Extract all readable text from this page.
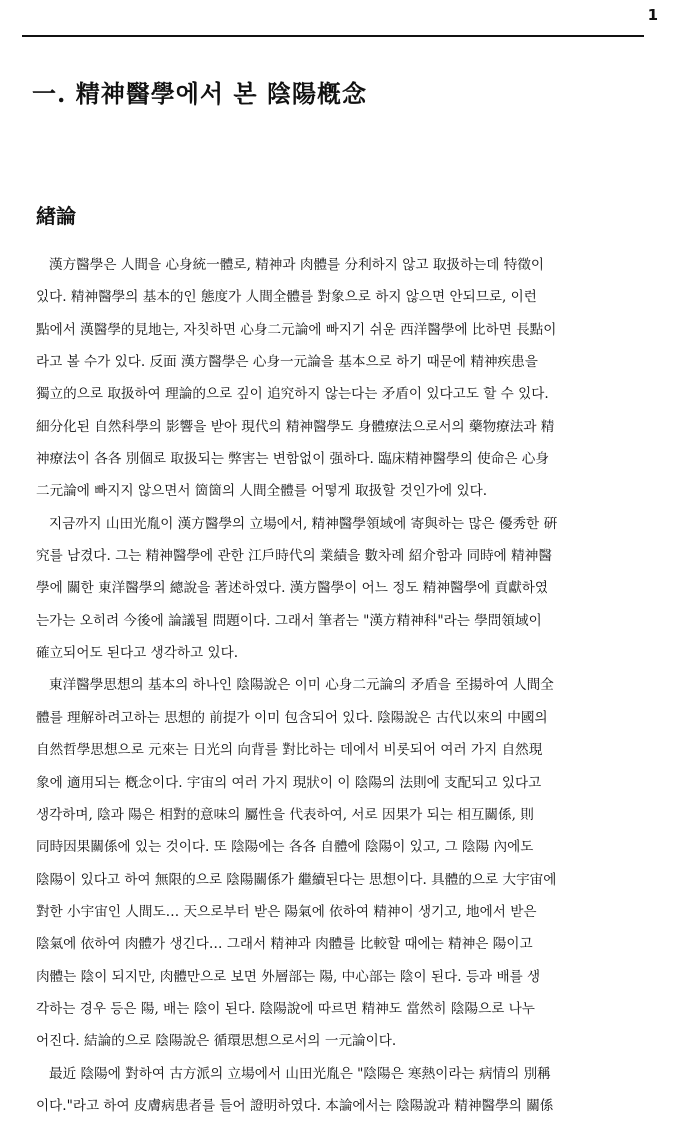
1
一. 精神醫學에서 본 陰陽槪念
緖論
漢方醫學은 人間을 心身統一體로, 精神과 肉體를 分利하지 않고 取扱하는데 特徵이
있다. 精神醫學의 基本的인 態度가 人間全體를 對象으로 하지 않으면 안되므로, 이런
點에서 漢醫學的見地는, 자칫하면 心身二元論에 빠지기 쉬운 西洋醫學에 比하면 長點이
라고 볼 수가 있다. 反面 漢方醫學은 心身一元論을 基本으로 하기 때문에 精神疾患을
獨立的으로 取扱하여 理論的으로 깊이 追究하지 않는다는 矛盾이 있다고도 할 수 있다.
細分化된 自然科學의 影響을 받아 現代의 精神醫學도 身體療法으로서의 藥物療法과 精
神療法이 各各 別個로 取扱되는 弊害는 변함없이 强하다. 臨床精神醫學의 使命은 心身
二元論에 빠지지 않으면서 箇箇의 人間全體를 어떻게 取扱할 것인가에 있다.
지금까지 山田光胤이 漢方醫學의 立場에서, 精神醫學領域에 寄與하는 많은 優秀한 硏
究를 남겼다. 그는 精神醫學에 관한 江戶時代의 業績을 數차례 紹介함과 同時에 精神醫
學에 關한 東洋醫學의 總說을 著述하였다. 漢方醫學이 어느 정도 精神醫學에 貢獻하였
는가는 오히려 今後에 論議될 問題이다. 그래서 筆者는 "漢方精神科"라는 學問領域이
確立되어도 된다고 생각하고 있다.
東洋醫學思想의 基本의 하나인 陰陽說은 이미 心身二元論의 矛盾을 至揚하여 人間全
體를 理解하려고하는 思想的 前提가 이미 包含되어 있다. 陰陽說은 古代以來의 中國의
自然哲學思想으로 元來는 日光의 向背를 對比하는 데에서 비롯되어 여러 가지 自然現
象에 適用되는 槪念이다. 宇宙의 여러 가지 現狀이 이 陰陽의 法則에 支配되고 있다고
생각하며, 陰과 陽은 相對的意味의 屬性을 代表하여, 서로 因果가 되는 相互關係, 則
同時因果關係에 있는 것이다. 또 陰陽에는 各各 自體에 陰陽이 있고, 그 陰陽 內에도
陰陽이 있다고 하여 無限的으로 陰陽關係가 繼續된다는 思想이다. 具體的으로 大宇宙에
對한 小宇宙인 人間도… 天으로부터 받은 陽氣에 依하여 精神이 생기고, 地에서 받은
陰氣에 依하여 肉體가 생긴다… 그래서 精神과 肉體를 比較할 때에는 精神은 陽이고
肉體는 陰이 되지만, 肉體만으로 보면 外層部는 陽, 中心部는 陰이 된다. 등과 배를 생
각하는 경우 등은 陽, 배는 陰이 된다. 陰陽說에 따르면 精神도 當然히 陰陽으로 나누
어진다. 結論的으로 陰陽說은 循環思想으로서의 一元論이다.
最近 陰陽에 對하여 古方派의 立場에서 山田光胤은 "陰陽은 寒熱이라는 病情의 別稱
이다."라고 하여 皮膚病患者를 들어 證明하였다. 本論에서는 陰陽說과 精神醫學의 關係
